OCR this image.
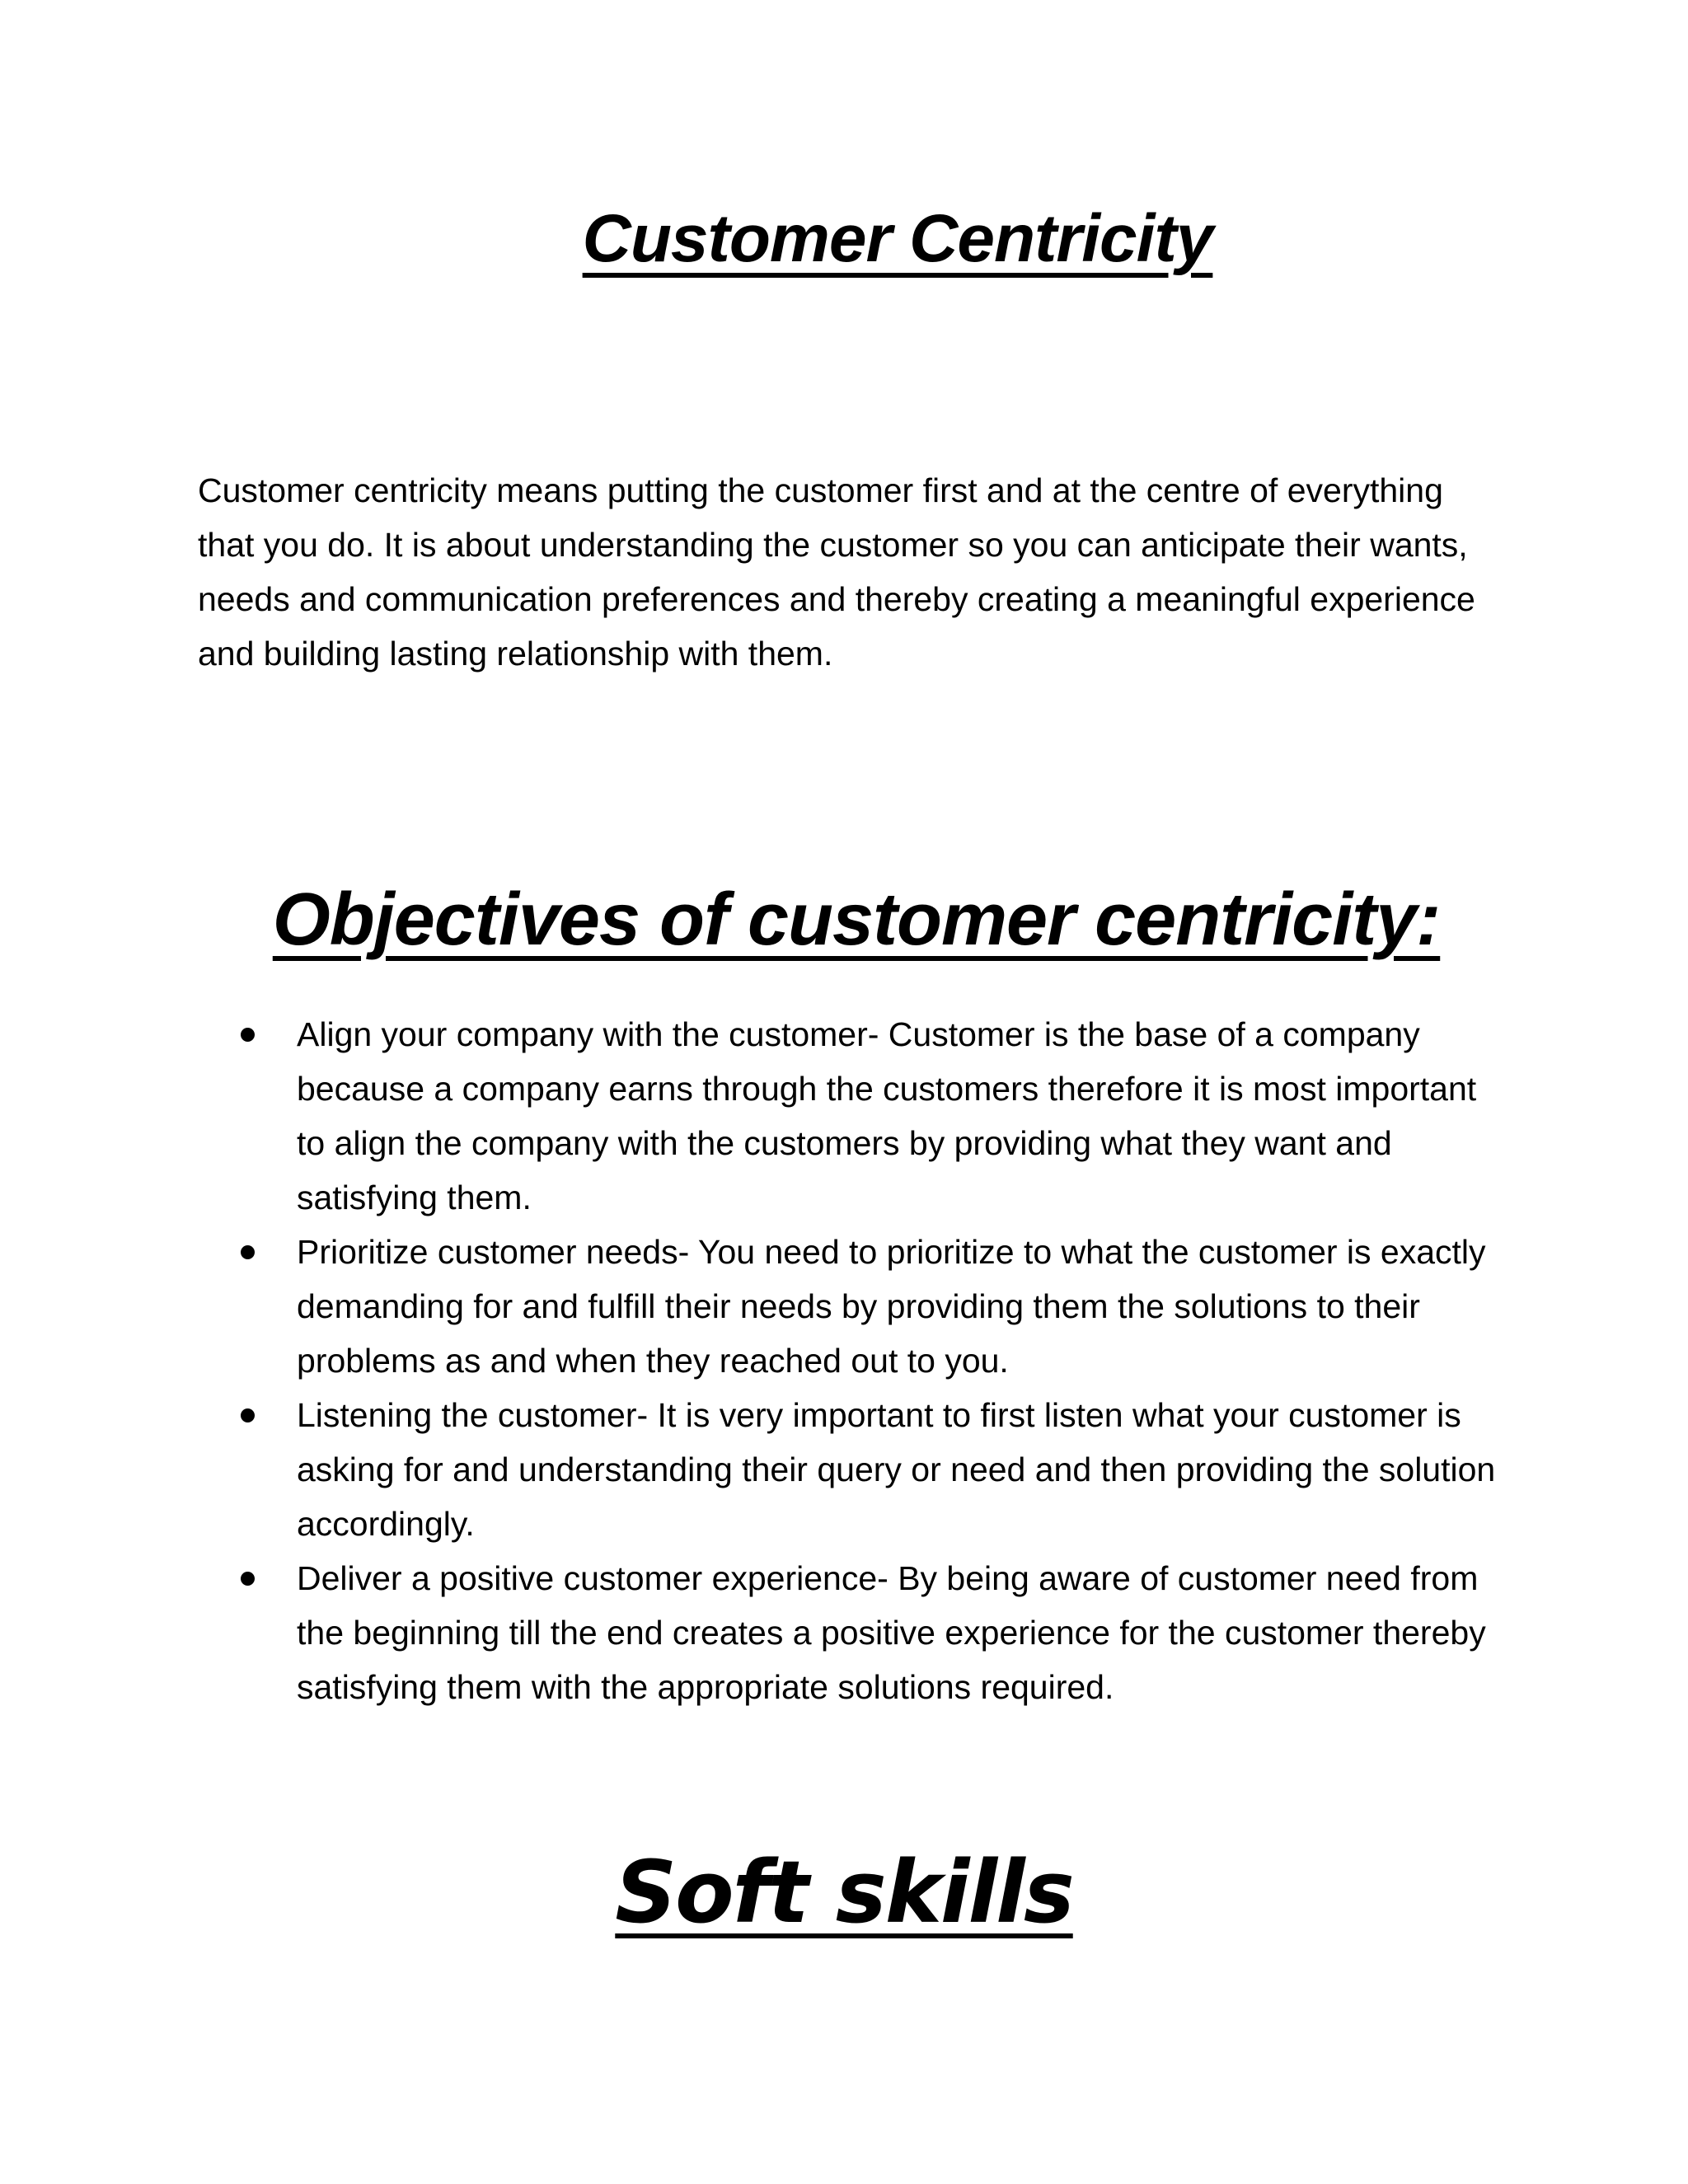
Customer Centricity

Customer centricity means putting the customer first and at the centre of everything that you do. It is about understanding the customer so you can anticipate their wants, needs and communication preferences and thereby creating a meaningful experience and building lasting relationship with them.

Objectives of customer centricity:
Align your company with the customer- Customer is the base of a company because a company earns through the customers therefore it is most important to align the company with the customers by providing what they want and satisfying them.
Prioritize customer needs- You need to prioritize to what the customer is exactly demanding for and fulfill their needs by providing them the solutions to their problems as and when they reached out to you.
Listening the customer- It is very important to first listen what your customer is asking for and understanding their query or need and then providing the solution accordingly.
Deliver a positive customer experience- By being aware of customer need from the beginning till the end creates a positive experience for the customer thereby satisfying them with the appropriate solutions required.
Soft skills
